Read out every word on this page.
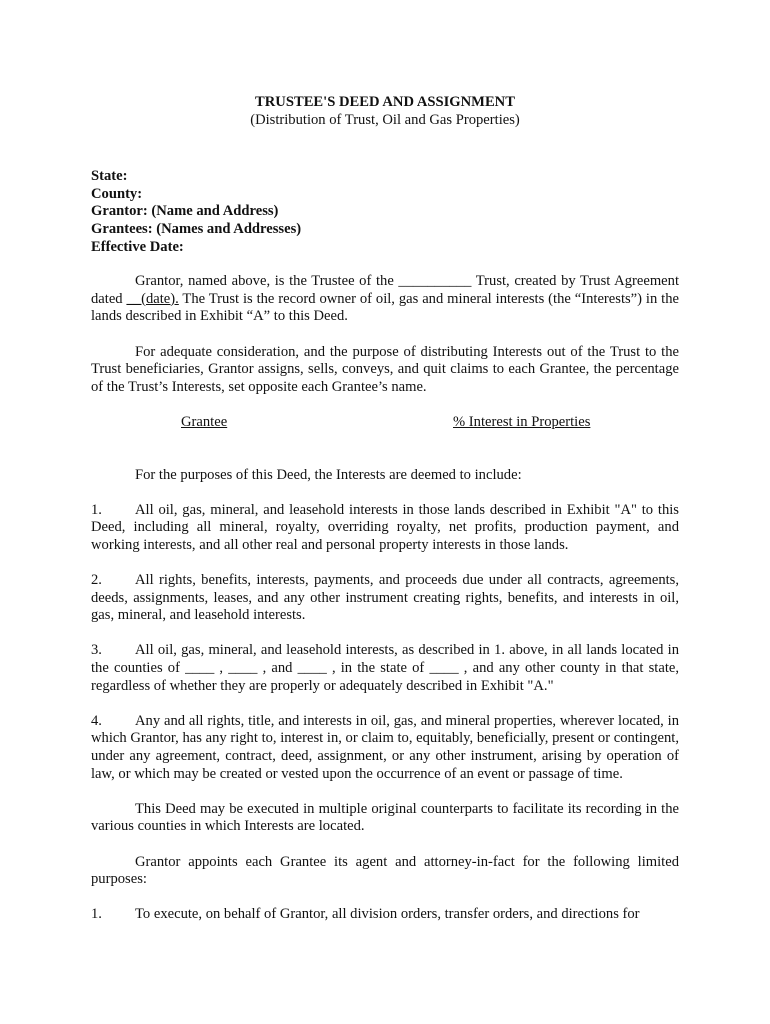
TRUSTEE'S DEED AND ASSIGNMENT
(Distribution of Trust, Oil and Gas Properties)
State:
County:
Grantor: (Name and Address)
Grantees: (Names and Addresses)
Effective Date:

Grantor, named above, is the Trustee of the __________ Trust, created by Trust Agreement dated __(date). The Trust is the record owner of oil, gas and mineral interests (the “Interests”) in the lands described in Exhibit “A” to this Deed.

For adequate consideration, and the purpose of distributing Interests out of the Trust to the Trust beneficiaries, Grantor assigns, sells, conveys, and quit claims to each Grantee, the percentage of the Trust’s Interests, set opposite each Grantee’s name.

Grantee	% Interest in Properties

For the purposes of this Deed, the Interests are deemed to include:

1. All oil, gas, mineral, and leasehold interests in those lands described in Exhibit "A" to this Deed, including all mineral, royalty, overriding royalty, net profits, production payment, and working interests, and all other real and personal property interests in those lands.

2. All rights, benefits, interests, payments, and proceeds due under all contracts, agreements, deeds, assignments, leases, and any other instrument creating rights, benefits, and interests in oil, gas, mineral, and leasehold interests.

3. All oil, gas, mineral, and leasehold interests, as described in 1. above, in all lands located in the counties of ____ , ____ , and ____ , in the state of ____ , and any other county in that state, regardless of whether they are properly or adequately described in Exhibit "A."

4. Any and all rights, title, and interests in oil, gas, and mineral properties, wherever located, in which Grantor, has any right to, interest in, or claim to, equitably, beneficially, present or contingent, under any agreement, contract, deed, assignment, or any other instrument, arising by operation of law, or which may be created or vested upon the occurrence of an event or passage of time.

This Deed may be executed in multiple original counterparts to facilitate its recording in the various counties in which Interests are located.

Grantor appoints each Grantee its agent and attorney-in-fact for the following limited purposes:

1. To execute, on behalf of Grantor, all division orders, transfer orders, and directions for
